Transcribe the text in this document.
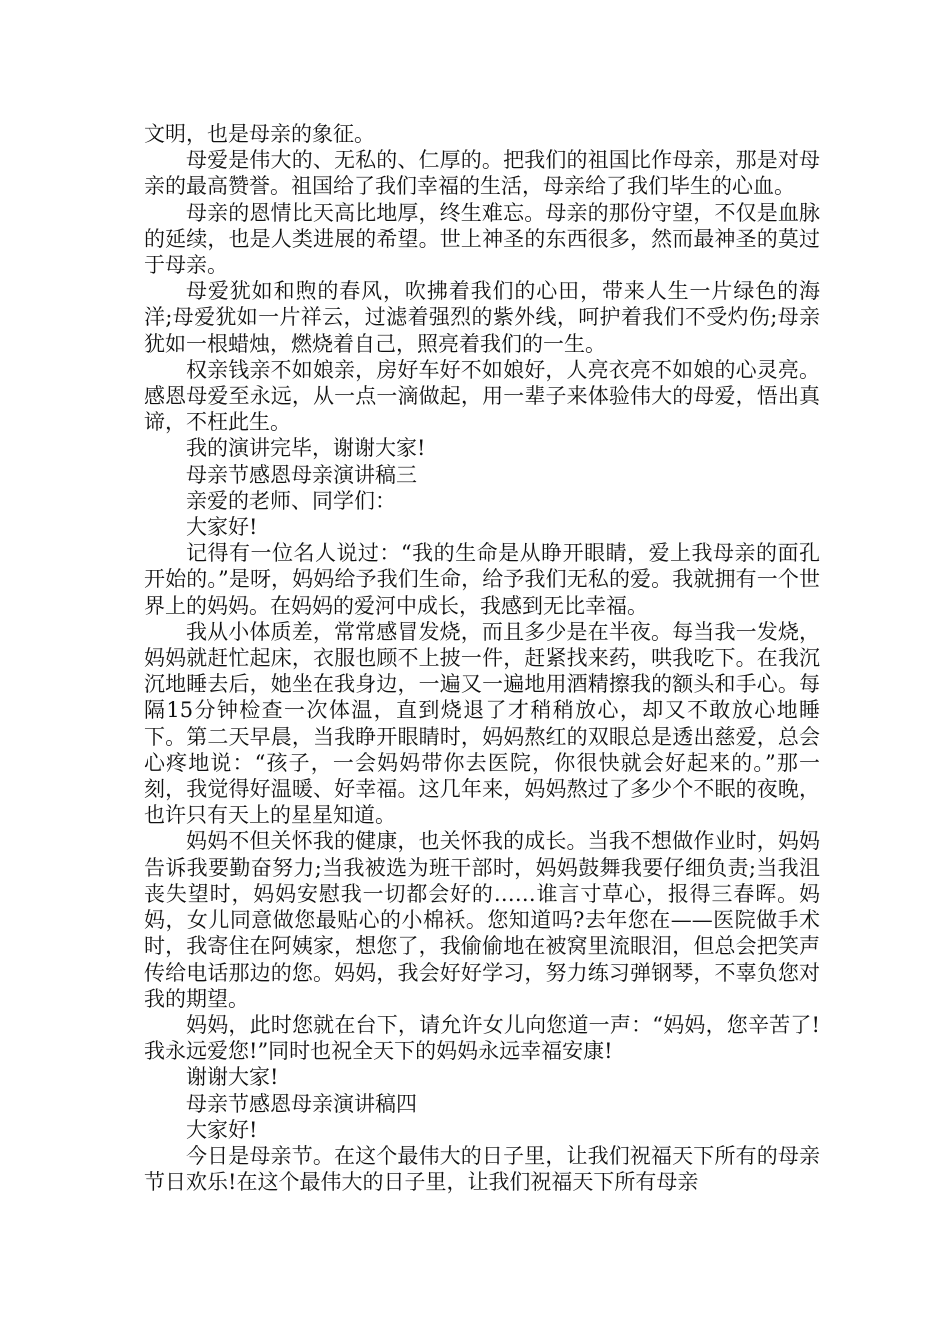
文明，也是母亲的象征。

母爱是伟大的、无私的、仁厚的。把我们的祖国比作母亲，那是对母亲的最高赞誉。祖国给了我们幸福的生活，母亲给了我们毕生的心血。

母亲的恩情比天高比地厚，终生难忘。母亲的那份守望，不仅是血脉的延续，也是人类进展的希望。世上神圣的东西很多，然而最神圣的莫过于母亲。

母爱犹如和煦的春风，吹拂着我们的心田，带来人生一片绿色的海洋;母爱犹如一片祥云，过滤着强烈的紫外线，呵护着我们不受灼伤;母亲犹如一根蜡烛，燃烧着自己，照亮着我们的一生。

权亲钱亲不如娘亲，房好车好不如娘好，人亮衣亮不如娘的心灵亮。感恩母爱至永远，从一点一滴做起，用一辈子来体验伟大的母爱，悟出真谛，不枉此生。

我的演讲完毕，谢谢大家!

母亲节感恩母亲演讲稿三

亲爱的老师、同学们：

大家好!

记得有一位名人说过：“我的生命是从睁开眼睛，爱上我母亲的面孔开始的。”是呀，妈妈给予我们生命，给予我们无私的爱。我就拥有一个世界上的妈妈。在妈妈的爱河中成长，我感到无比幸福。

我从小体质差，常常感冒发烧，而且多少是在半夜。每当我一发烧，妈妈就赶忙起床，衣服也顾不上披一件，赶紧找来药，哄我吃下。在我沉沉地睡去后，她坐在我身边，一遍又一遍地用酒精擦我的额头和手心。每隔15分钟检查一次体温，直到烧退了才稍稍放心，却又不敢放心地睡下。第二天早晨，当我睁开眼睛时，妈妈熬红的双眼总是透出慈爱，总会心疼地说：“孩子，一会妈妈带你去医院，你很快就会好起来的。”那一刻，我觉得好温暖、好幸福。这几年来，妈妈熬过了多少个不眠的夜晚，也许只有天上的星星知道。

妈妈不但关怀我的健康，也关怀我的成长。当我不想做作业时，妈妈告诉我要勤奋努力;当我被选为班干部时，妈妈鼓舞我要仔细负责;当我沮丧失望时，妈妈安慰我一切都会好的……谁言寸草心，报得三春晖。妈妈，女儿同意做您最贴心的小棉袄。您知道吗?去年您在——医院做手术时，我寄住在阿姨家，想您了，我偷偷地在被窝里流眼泪，但总会把笑声传给电话那边的您。妈妈，我会好好学习，努力练习弹钢琴，不辜负您对我的期望。

妈妈，此时您就在台下，请允许女儿向您道一声：“妈妈，您辛苦了!我永远爱您!”同时也祝全天下的妈妈永远幸福安康!

谢谢大家!

母亲节感恩母亲演讲稿四

大家好!

今日是母亲节。在这个最伟大的日子里，让我们祝福天下所有的母亲节日欢乐!在这个最伟大的日子里，让我们祝福天下所有母亲
